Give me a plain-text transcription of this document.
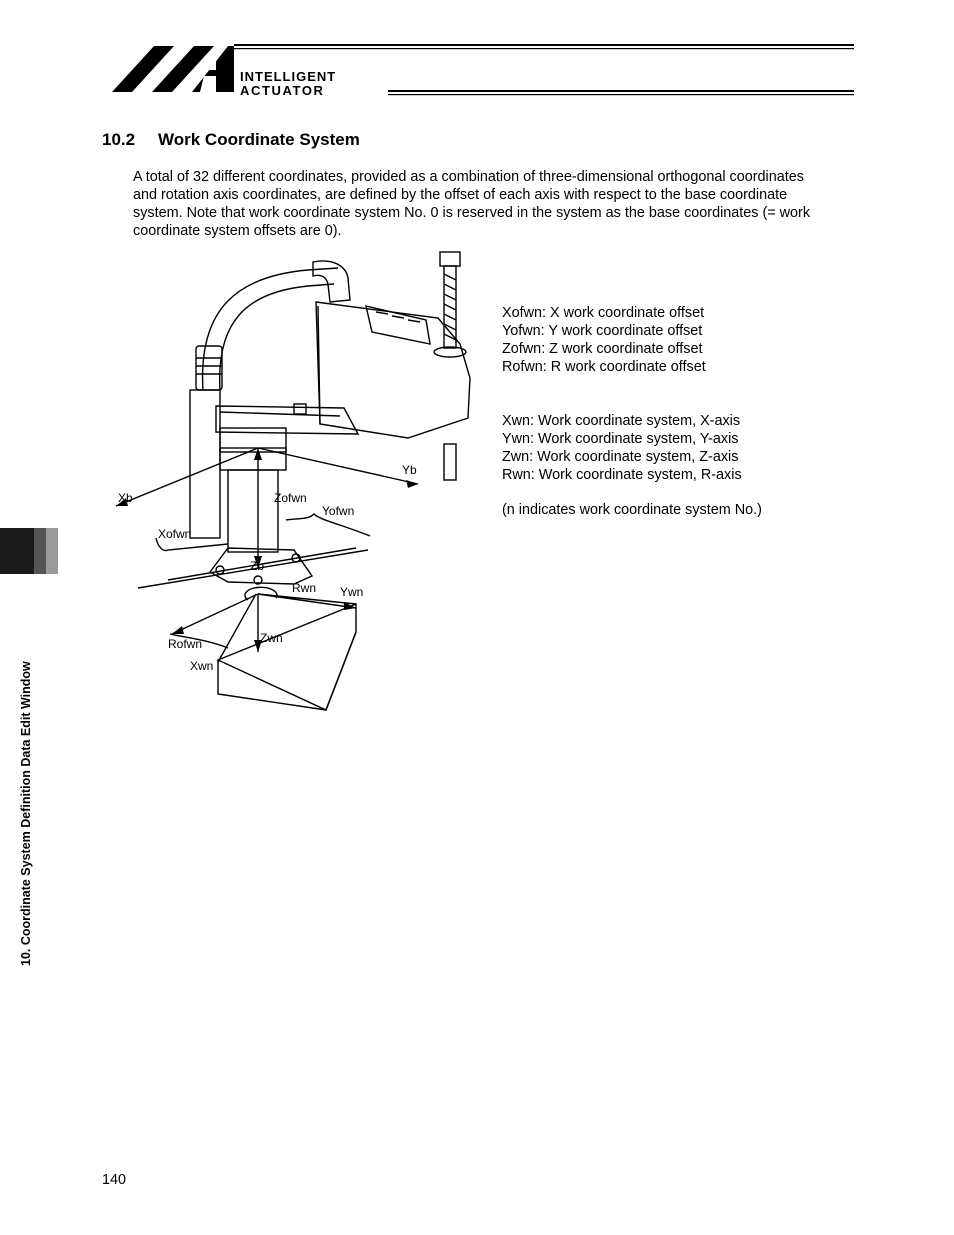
INTELLIGENT
ACTUATOR
10.2 Work Coordinate System
A total of 32 different coordinates, provided as a combination of three-dimensional orthogonal coordinates
and rotation axis coordinates, are defined by the offset of each axis with respect to the base coordinate
system. Note that work coordinate system No. 0 is reserved in the system as the base coordinates (= work
coordinate system offsets are 0).
Xb
Yb
Zb
Xofwn
Yofwn
Zofwn
Rofwn
Xwn
Ywn
Zwn
Rwn
Xofwn: X work coordinate offset
Yofwn: Y work coordinate offset
Zofwn: Z work coordinate offset
Rofwn: R work coordinate offset
Xwn: Work coordinate system, X-axis
Ywn: Work coordinate system, Y-axis
Zwn: Work coordinate system, Z-axis
Rwn: Work coordinate system, R-axis
(n indicates work coordinate system No.)
10. Coordinate System Definition Data Edit Window
140
